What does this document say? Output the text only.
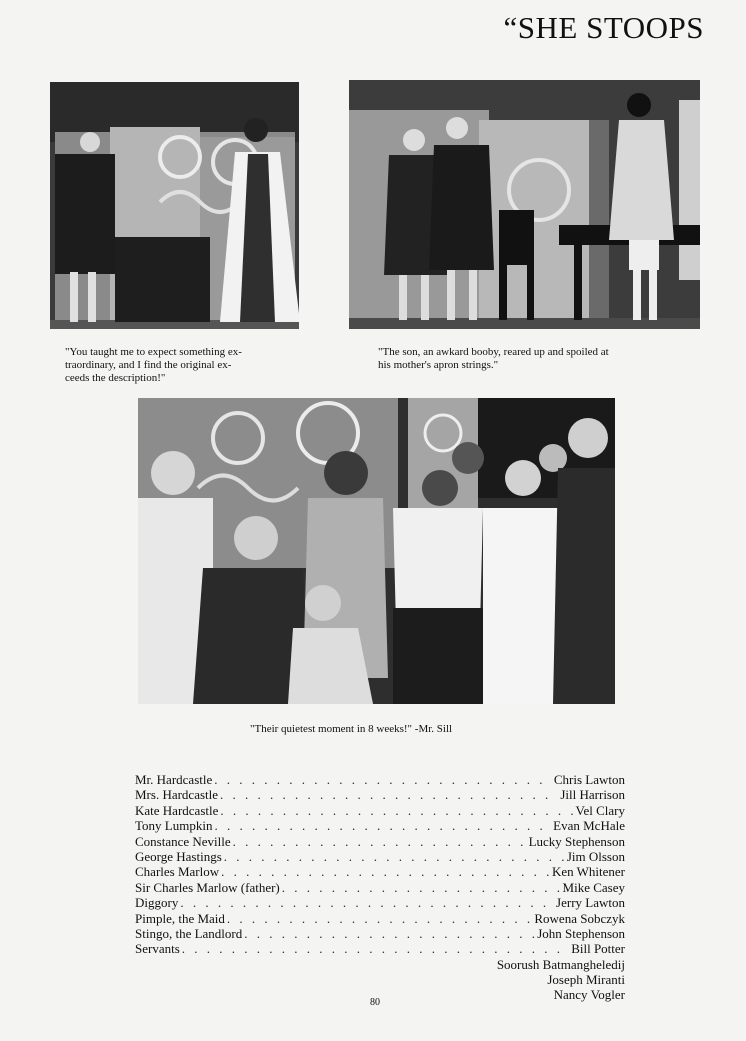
“SHE STOOPS

"You taught me to expect something ex-
traordinary, and I find the original ex-
ceeds the description!"

"The son, an awkard booby, reared up and spoiled at
his mother's apron strings."

"Their quietest moment in 8 weeks!" -Mr. Sill

Mr. Hardcastle . . .	Chris Lawton
Mrs. Hardcastle . . .	Jill Harrison
Kate Hardcastle . . .	Vel Clary
Tony Lumpkin . . .	Evan McHale
Constance Neville . . .	Lucky Stephenson
George Hastings . . .	Jim Olsson
Charles Marlow . . .	Ken Whitener
Sir Charles Marlow (father) . . .	Mike Casey
Diggory . . .	Jerry Lawton
Pimple, the Maid . . .	Rowena Sobczyk
Stingo, the Landlord . . .	John Stephenson
Servants . . .	Bill Potter
Soorush Batmangheledij
Joseph Miranti
Nancy Vogler
80
